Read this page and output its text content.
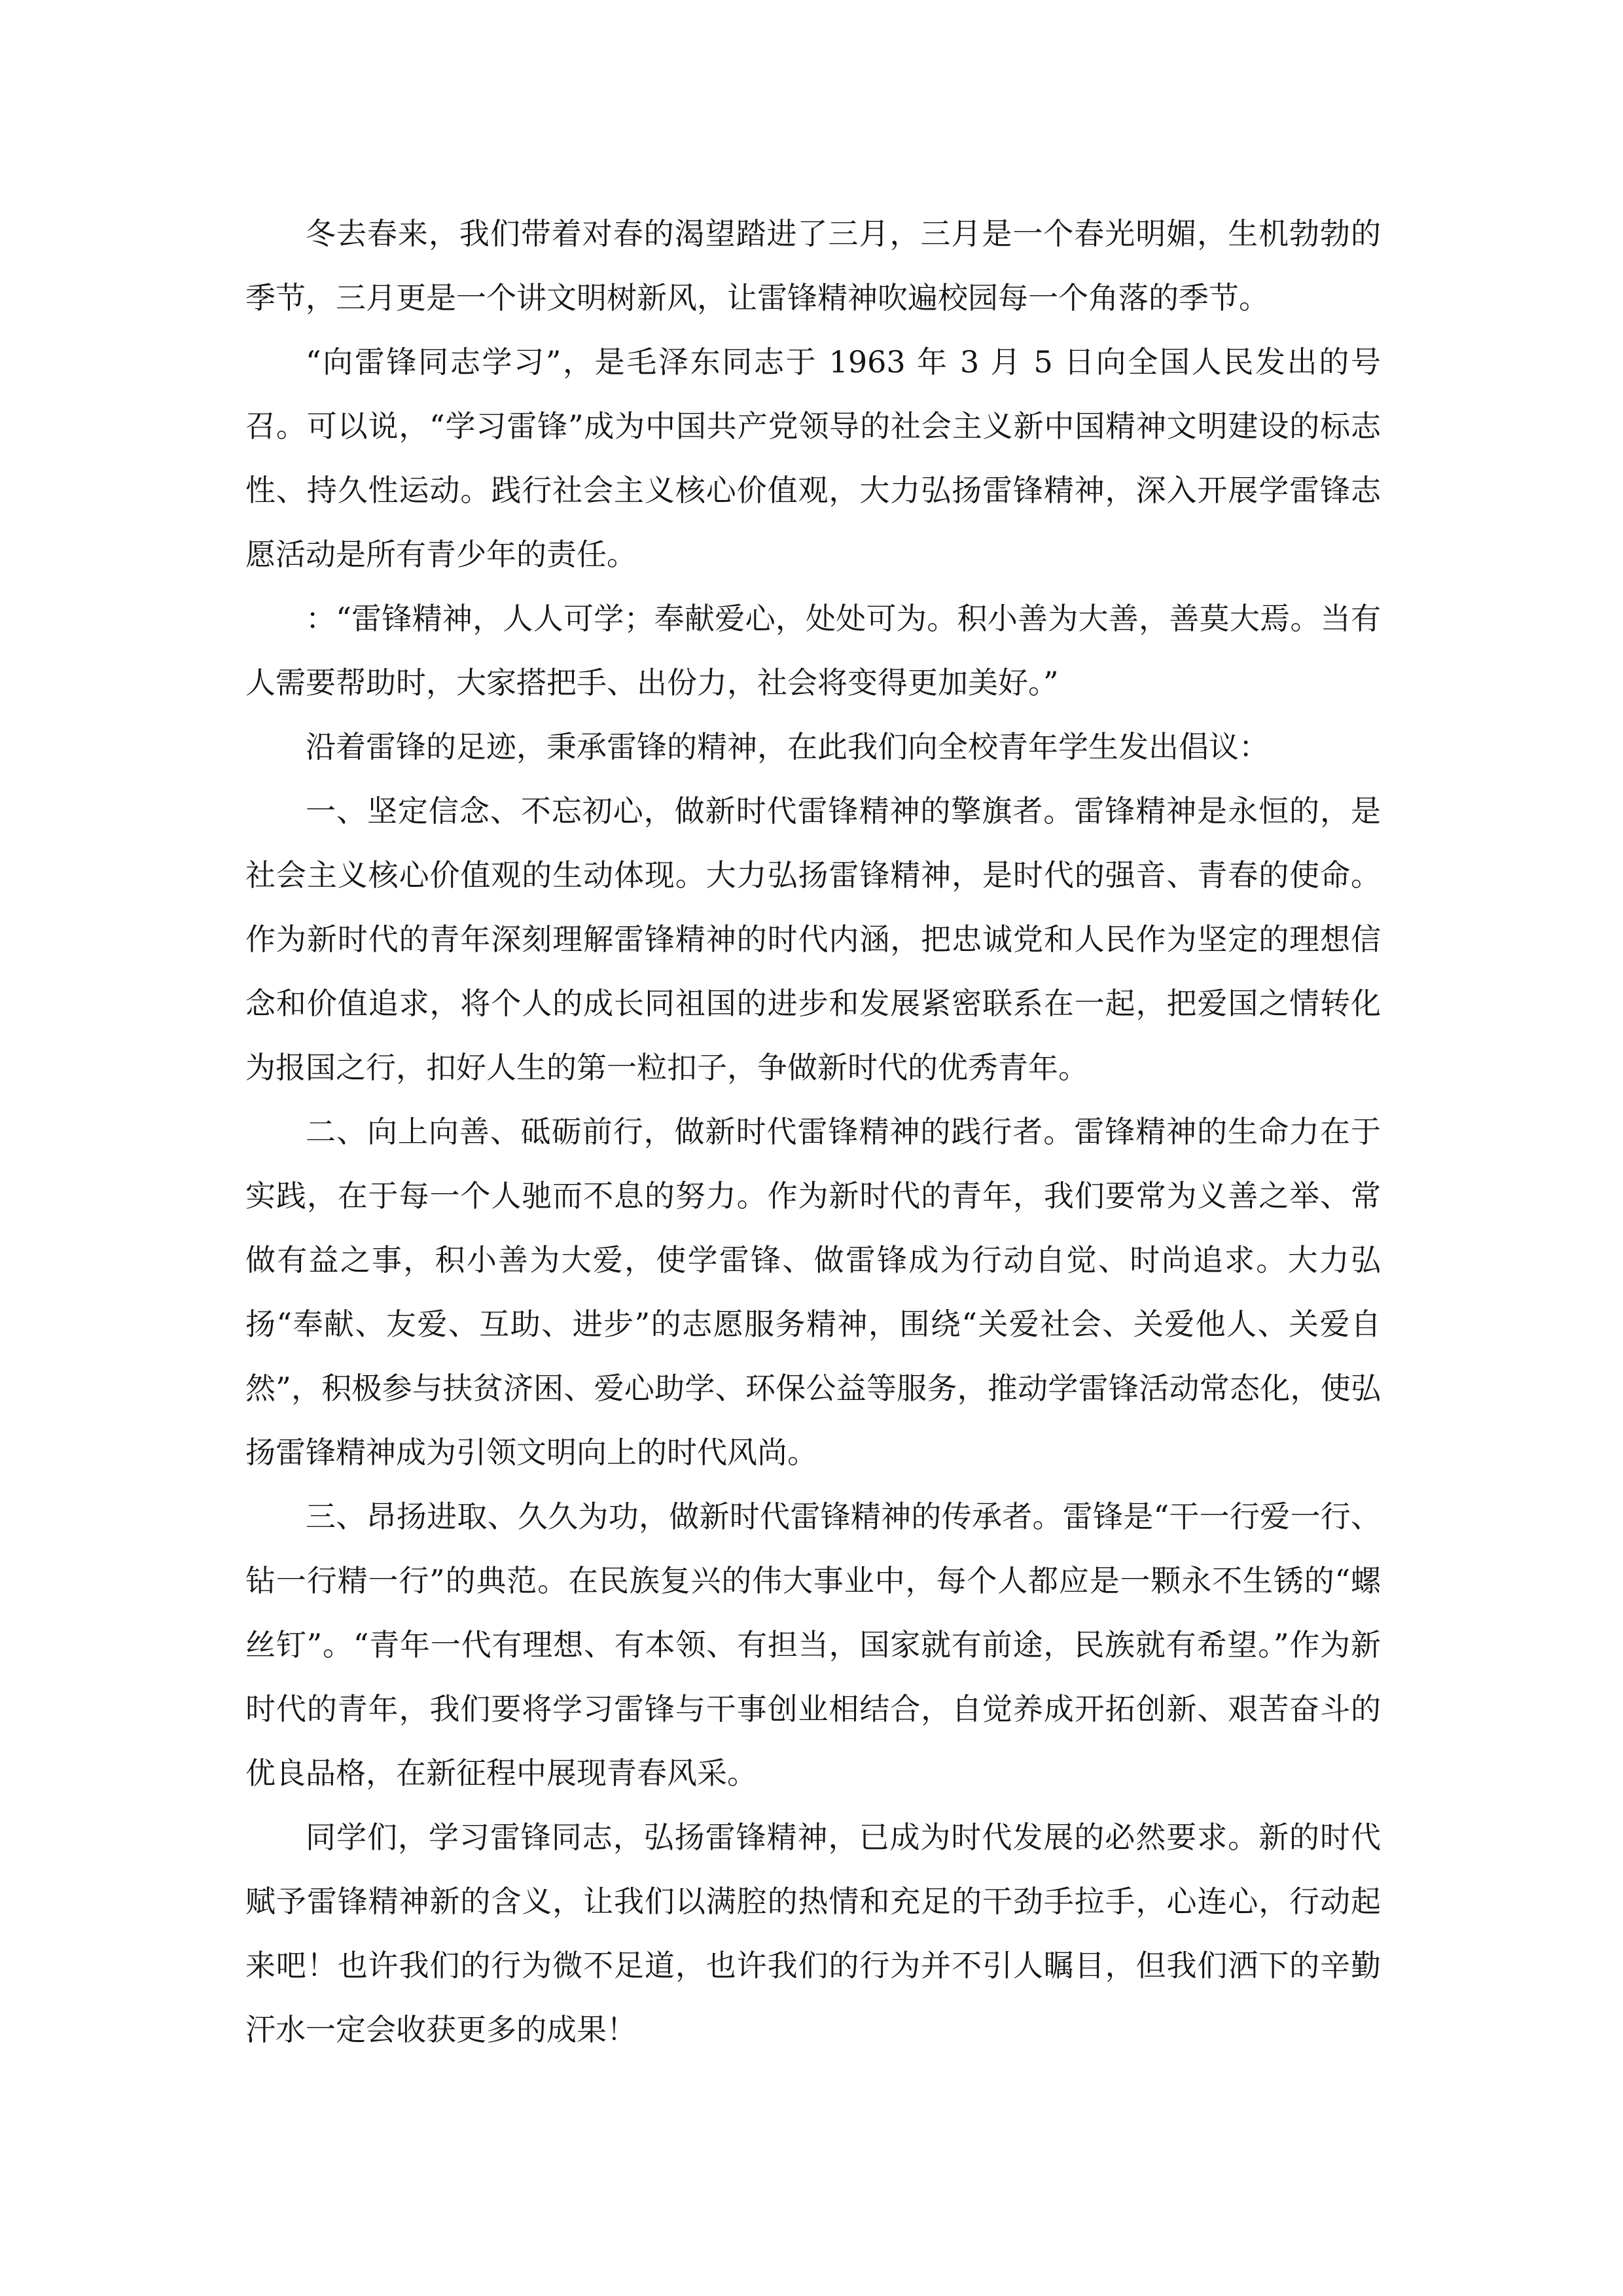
冬去春来，我们带着对春的渴望踏进了三月，三月是一个春光明媚，生机勃勃的季节，三月更是一个讲文明树新风，让雷锋精神吹遍校园每一个角落的季节。

“向雷锋同志学习”，是毛泽东同志于 1963 年 3 月 5 日向全国人民发出的号召。可以说，“学习雷锋”成为中国共产党领导的社会主义新中国精神文明建设的标志性、持久性运动。践行社会主义核心价值观，大力弘扬雷锋精神，深入开展学雷锋志愿活动是所有青少年的责任。

：“雷锋精神，人人可学；奉献爱心，处处可为。积小善为大善，善莫大焉。当有人需要帮助时，大家搭把手、出份力，社会将变得更加美好。”

沿着雷锋的足迹，秉承雷锋的精神，在此我们向全校青年学生发出倡议：

一、坚定信念、不忘初心，做新时代雷锋精神的擎旗者。雷锋精神是永恒的，是社会主义核心价值观的生动体现。大力弘扬雷锋精神，是时代的强音、青春的使命。作为新时代的青年深刻理解雷锋精神的时代内涵，把忠诚党和人民作为坚定的理想信念和价值追求，将个人的成长同祖国的进步和发展紧密联系在一起，把爱国之情转化为报国之行，扣好人生的第一粒扣子，争做新时代的优秀青年。

二、向上向善、砥砺前行，做新时代雷锋精神的践行者。雷锋精神的生命力在于实践，在于每一个人驰而不息的努力。作为新时代的青年，我们要常为义善之举、常做有益之事，积小善为大爱，使学雷锋、做雷锋成为行动自觉、时尚追求。大力弘扬“奉献、友爱、互助、进步”的志愿服务精神，围绕“关爱社会、关爱他人、关爱自然”，积极参与扶贫济困、爱心助学、环保公益等服务，推动学雷锋活动常态化，使弘扬雷锋精神成为引领文明向上的时代风尚。

三、昂扬进取、久久为功，做新时代雷锋精神的传承者。雷锋是“干一行爱一行、钻一行精一行”的典范。在民族复兴的伟大事业中，每个人都应是一颗永不生锈的“螺丝钉”。“青年一代有理想、有本领、有担当，国家就有前途，民族就有希望。”作为新时代的青年，我们要将学习雷锋与干事创业相结合，自觉养成开拓创新、艰苦奋斗的优良品格，在新征程中展现青春风采。

同学们，学习雷锋同志，弘扬雷锋精神，已成为时代发展的必然要求。新的时代赋予雷锋精神新的含义，让我们以满腔的热情和充足的干劲手拉手，心连心，行动起来吧！也许我们的行为微不足道，也许我们的行为并不引人瞩目，但我们洒下的辛勤汗水一定会收获更多的成果！
